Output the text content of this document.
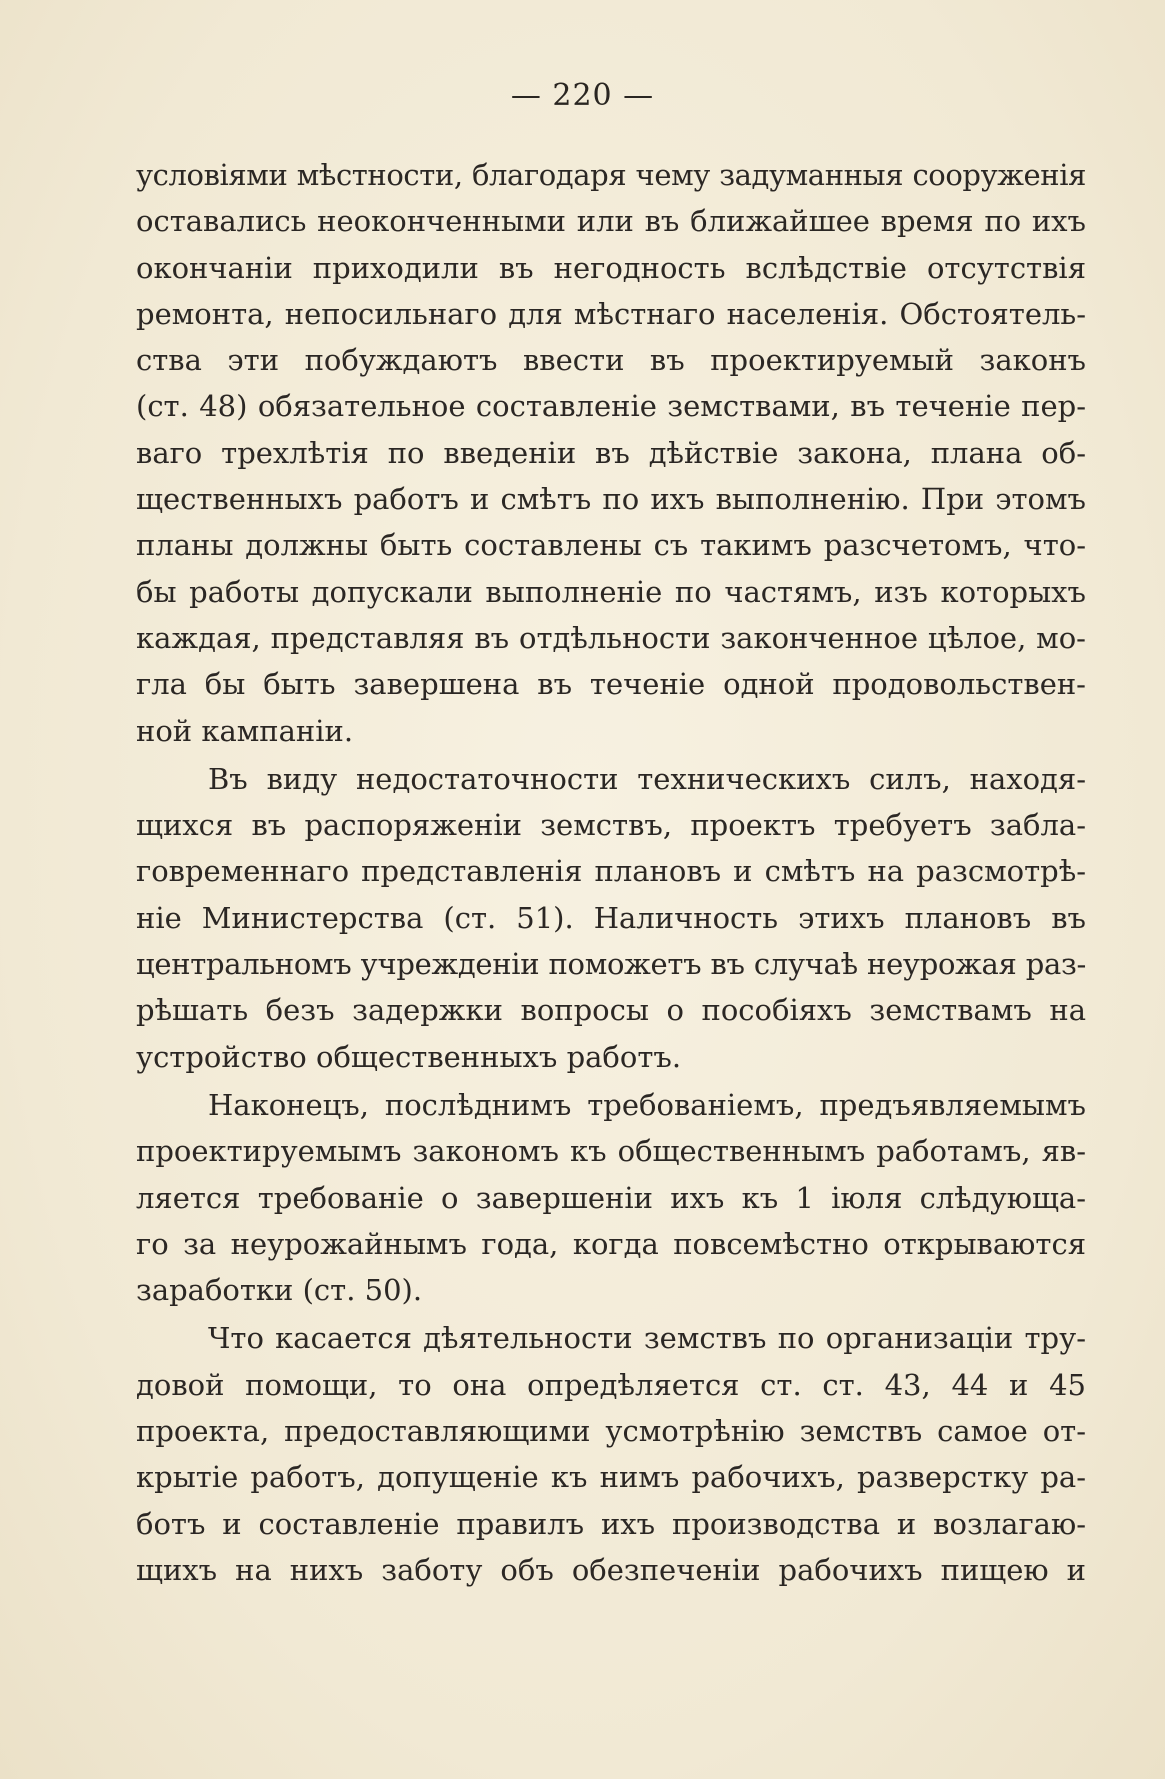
— 220 —
условіями мѣстности, благодаря чему задуманныя сооруженія
оставались неоконченными или въ ближайшее время по ихъ
окончаніи приходили въ негодность вслѣдствіе отсутствія
ремонта, непосильнаго для мѣстнаго населенія. Обстоятель-
ства эти побуждаютъ ввести въ проектируемый законъ
(ст. 48) обязательное составленіе земствами, въ теченіе пер-
ваго трехлѣтія по введеніи въ дѣйствіе закона, плана об-
щественныхъ работъ и смѣтъ по ихъ выполненію. При этомъ
планы должны быть составлены съ такимъ разсчетомъ, что-
бы работы допускали выполненіе по частямъ, изъ которыхъ
каждая, представляя въ отдѣльности законченное цѣлое, мо-
гла бы быть завершена въ теченіе одной продовольствен-
ной кампаніи.
Въ виду недостаточности техническихъ силъ, находя-
щихся въ распоряженіи земствъ, проектъ требуетъ забла-
говременнаго представленія плановъ и смѣтъ на разсмотрѣ-
ніе Министерства (ст. 51). Наличность этихъ плановъ въ
центральномъ учрежденіи поможетъ въ случаѣ неурожая раз-
рѣшать безъ задержки вопросы о пособіяхъ земствамъ на
устройство общественныхъ работъ.
Наконецъ, послѣднимъ требованіемъ, предъявляемымъ
проектируемымъ закономъ къ общественнымъ работамъ, яв-
ляется требованіе о завершеніи ихъ къ 1 іюля слѣдующа-
го за неурожайнымъ года, когда повсемѣстно открываются
заработки (ст. 50).
Что касается дѣятельности земствъ по организаціи тру-
довой помощи, то она опредѣляется ст. ст. 43, 44 и 45
проекта, предоставляющими усмотрѣнію земствъ самое от-
крытіе работъ, допущеніе къ нимъ рабочихъ, разверстку ра-
ботъ и составленіе правилъ ихъ производства и возлагаю-
щихъ на нихъ заботу объ обезпеченіи рабочихъ пищею и
